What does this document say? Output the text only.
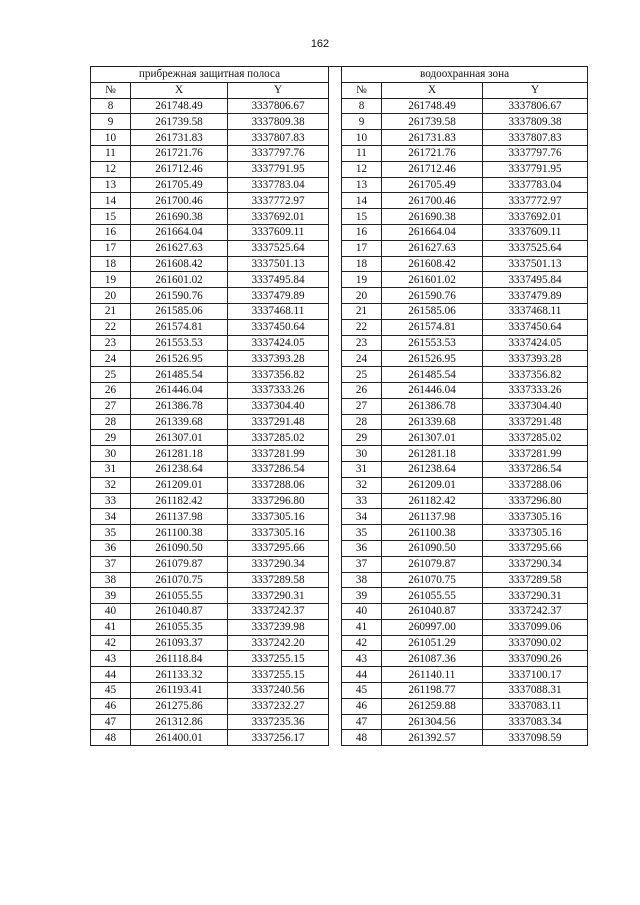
162
прибрежная защитная полоса				водоохранная зона		
№	X	Y		№	X	Y
8	261748.49	3337806.67		8	261748.49	3337806.67
9	261739.58	3337809.38		9	261739.58	3337809.38
10	261731.83	3337807.83		10	261731.83	3337807.83
11	261721.76	3337797.76		11	261721.76	3337797.76
12	261712.46	3337791.95		12	261712.46	3337791.95
13	261705.49	3337783.04		13	261705.49	3337783.04
14	261700.46	3337772.97		14	261700.46	3337772.97
15	261690.38	3337692.01		15	261690.38	3337692.01
16	261664.04	3337609.11		16	261664.04	3337609.11
17	261627.63	3337525.64		17	261627.63	3337525.64
18	261608.42	3337501.13		18	261608.42	3337501.13
19	261601.02	3337495.84		19	261601.02	3337495.84
20	261590.76	3337479.89		20	261590.76	3337479.89
21	261585.06	3337468.11		21	261585.06	3337468.11
22	261574.81	3337450.64		22	261574.81	3337450.64
23	261553.53	3337424.05		23	261553.53	3337424.05
24	261526.95	3337393.28		24	261526.95	3337393.28
25	261485.54	3337356.82		25	261485.54	3337356.82
26	261446.04	3337333.26		26	261446.04	3337333.26
27	261386.78	3337304.40		27	261386.78	3337304.40
28	261339.68	3337291.48		28	261339.68	3337291.48
29	261307.01	3337285.02		29	261307.01	3337285.02
30	261281.18	3337281.99		30	261281.18	3337281.99
31	261238.64	3337286.54		31	261238.64	3337286.54
32	261209.01	3337288.06		32	261209.01	3337288.06
33	261182.42	3337296.80		33	261182.42	3337296.80
34	261137.98	3337305.16		34	261137.98	3337305.16
35	261100.38	3337305.16		35	261100.38	3337305.16
36	261090.50	3337295.66		36	261090.50	3337295.66
37	261079.87	3337290.34		37	261079.87	3337290.34
38	261070.75	3337289.58		38	261070.75	3337289.58
39	261055.55	3337290.31		39	261055.55	3337290.31
40	261040.87	3337242.37		40	261040.87	3337242.37
41	261055.35	3337239.98		41	260997.00	3337099.06
42	261093.37	3337242.20		42	261051.29	3337090.02
43	261118.84	3337255.15		43	261087.36	3337090.26
44	261133.32	3337255.15		44	261140.11	3337100.17
45	261193.41	3337240.56		45	261198.77	3337088.31
46	261275.86	3337232.27		46	261259.88	3337083.11
47	261312.86	3337235.36		47	261304.56	3337083.34
48	261400.01	3337256.17		48	261392.57	3337098.59
